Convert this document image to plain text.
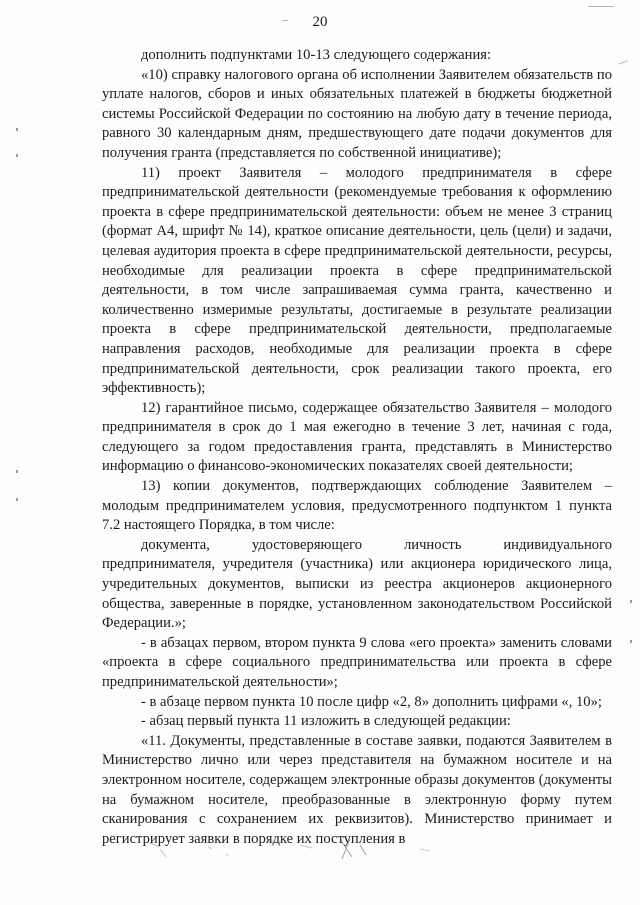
20

дополнить подпунктами 10-13 следующего содержания:

«10) справку налогового органа об исполнении Заявителем обязательств по уплате налогов, сборов и иных обязательных платежей в бюджеты бюджетной системы Российской Федерации по состоянию на любую дату в течение периода, равного 30 календарным дням, предшествующего дате подачи документов для получения гранта (представляется по собственной инициативе);

11) проект Заявителя – молодого предпринимателя в сфере предпринимательской деятельности (рекомендуемые требования к оформлению проекта в сфере предпринимательской деятельности: объем не менее 3 страниц (формат А4, шрифт № 14), краткое описание деятельности, цель (цели) и задачи, целевая аудитория проекта в сфере предпринимательской деятельности, ресурсы, необходимые для реализации проекта в сфере предпринимательской деятельности, в том числе запрашиваемая сумма гранта, качественно и количественно измеримые результаты, достигаемые в результате реализации проекта в сфере предпринимательской деятельности, предполагаемые направления расходов, необходимые для реализации проекта в сфере предпринимательской деятельности, срок реализации такого проекта, его эффективность);

12) гарантийное письмо, содержащее обязательство Заявителя – молодого предпринимателя в срок до 1 мая ежегодно в течение 3 лет, начиная с года, следующего за годом предоставления гранта, представлять в Министерство информацию о финансово-экономических показателях своей деятельности;

13) копии документов, подтверждающих соблюдение Заявителем – молодым предпринимателем условия, предусмотренного подпунктом 1 пункта 7.2 настоящего Порядка, в том числе:

документа, удостоверяющего личность индивидуального предпринимателя, учредителя (участника) или акционера юридического лица, учредительных документов, выписки из реестра акционеров акционерного общества, заверенные в порядке, установленном законодательством Российской Федерации.»;

- в абзацах первом, втором пункта 9 слова «его проекта» заменить словами «проекта в сфере социального предпринимательства или проекта в сфере предпринимательской деятельности»;

- в абзаце первом пункта 10 после цифр «2, 8» дополнить цифрами «, 10»;

- абзац первый пункта 11 изложить в следующей редакции:

«11. Документы, представленные в составе заявки, подаются Заявителем в Министерство лично или через представителя на бумажном носителе и на электронном носителе, содержащем электронные образы документов (документы на бумажном носителе, преобразованные в электронную форму путем сканирования с сохранением их реквизитов). Министерство принимает и регистрирует заявки в порядке их поступления в
